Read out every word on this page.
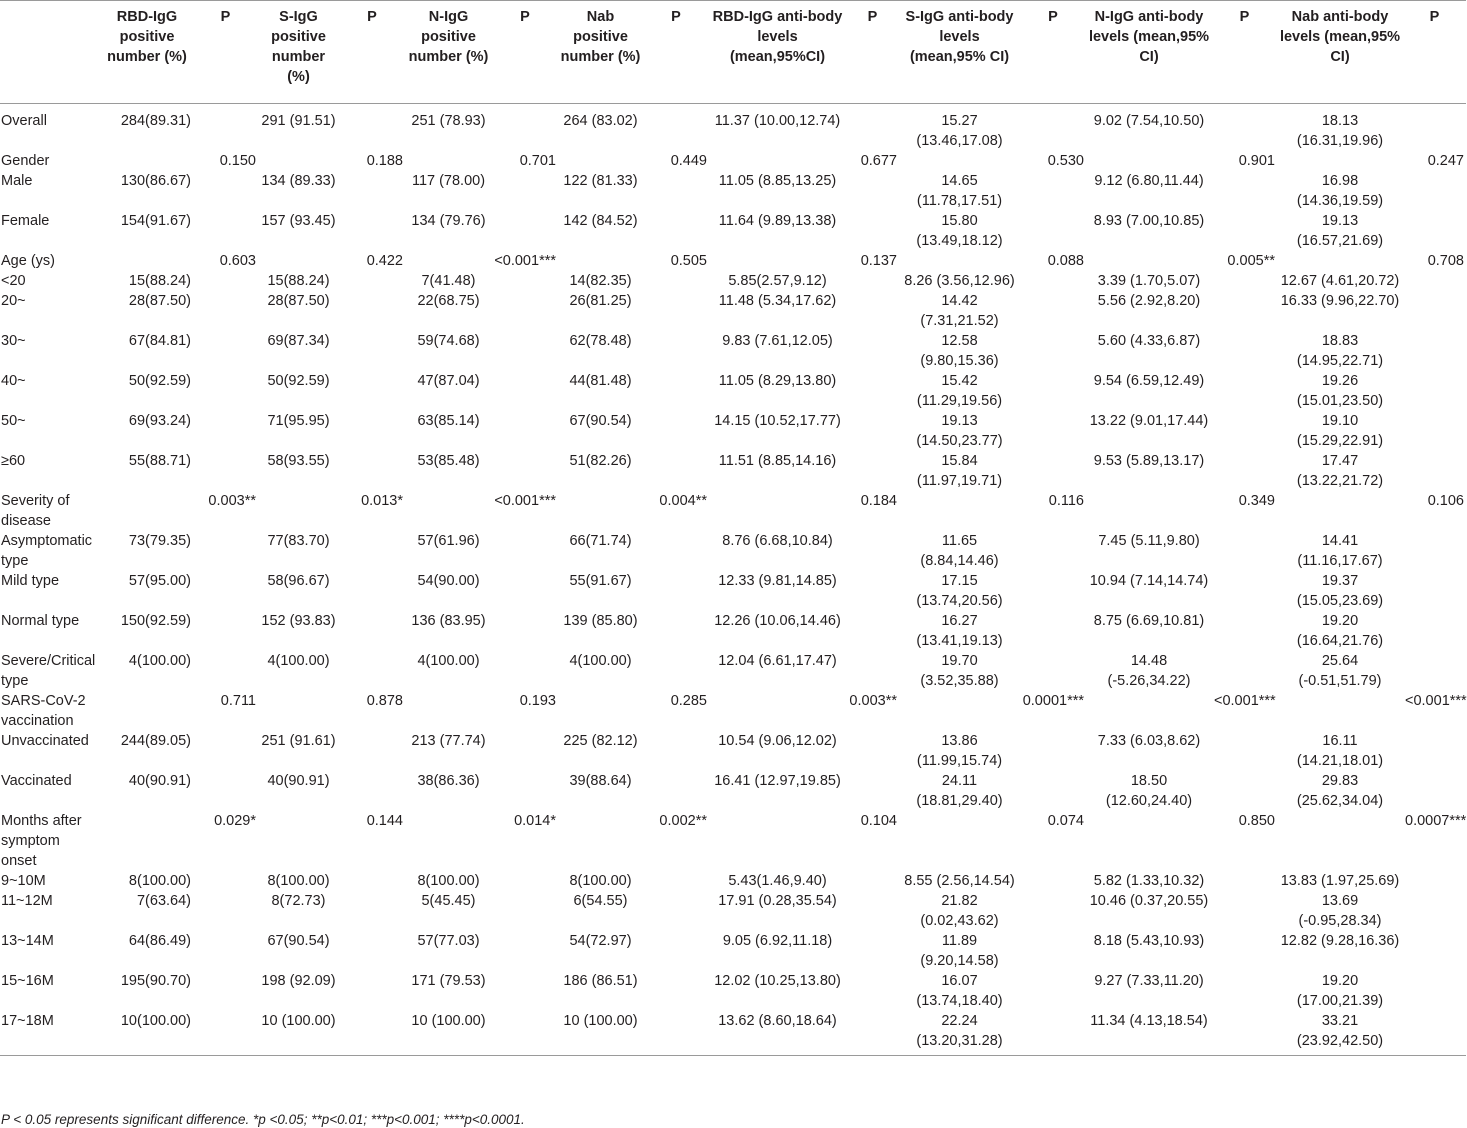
	RBD-IgG positive number (%)	P	S-IgG positive number (%)	P	N-IgG positive number (%)	P	Nab positive number (%)	P	RBD-IgG anti-body levels (mean,95%CI)	P	S-IgG anti-body levels (mean,95% CI)	P	N-IgG anti-body levels (mean,95% CI)	P	Nab anti-body levels (mean,95% CI)	P
Overall	284(89.31)		291 (91.51)		251 (78.93)		264 (83.02)		11.37 (10.00,12.74)		15.27 (13.46,17.08)		9.02 (7.54,10.50)		18.13 (16.31,19.96)	
Gender		0.150		0.188		0.701		0.449		0.677		0.530		0.901		0.247
Male	130(86.67)		134 (89.33)		117 (78.00)		122 (81.33)		11.05 (8.85,13.25)		14.65 (11.78,17.51)		9.12 (6.80,11.44)		16.98 (14.36,19.59)	
Female	154(91.67)		157 (93.45)		134 (79.76)		142 (84.52)		11.64 (9.89,13.38)		15.80 (13.49,18.12)		8.93 (7.00,10.85)		19.13 (16.57,21.69)	
Age (ys)		0.603		0.422		<0.001***		0.505		0.137		0.088		0.005**		0.708
<20	15(88.24)		15(88.24)		7(41.48)		14(82.35)		5.85(2.57,9.12)		8.26 (3.56,12.96)		3.39 (1.70,5.07)		12.67 (4.61,20.72)	
20~	28(87.50)		28(87.50)		22(68.75)		26(81.25)		11.48 (5.34,17.62)		14.42 (7.31,21.52)		5.56 (2.92,8.20)		16.33 (9.96,22.70)	
30~	67(84.81)		69(87.34)		59(74.68)		62(78.48)		9.83 (7.61,12.05)		12.58 (9.80,15.36)		5.60 (4.33,6.87)		18.83 (14.95,22.71)	
40~	50(92.59)		50(92.59)		47(87.04)		44(81.48)		11.05 (8.29,13.80)		15.42 (11.29,19.56)		9.54 (6.59,12.49)		19.26 (15.01,23.50)	
50~	69(93.24)		71(95.95)		63(85.14)		67(90.54)		14.15 (10.52,17.77)		19.13 (14.50,23.77)		13.22 (9.01,17.44)		19.10 (15.29,22.91)	
≥60	55(88.71)		58(93.55)		53(85.48)		51(82.26)		11.51 (8.85,14.16)		15.84 (11.97,19.71)		9.53 (5.89,13.17)		17.47 (13.22,21.72)	
Severity of disease		0.003**		0.013*		<0.001***		0.004**		0.184		0.116		0.349		0.106
Asymptomatic type	73(79.35)		77(83.70)		57(61.96)		66(71.74)		8.76 (6.68,10.84)		11.65 (8.84,14.46)		7.45 (5.11,9.80)		14.41 (11.16,17.67)	
Mild type	57(95.00)		58(96.67)		54(90.00)		55(91.67)		12.33 (9.81,14.85)		17.15 (13.74,20.56)		10.94 (7.14,14.74)		19.37 (15.05,23.69)	
Normal type	150(92.59)		152 (93.83)		136 (83.95)		139 (85.80)		12.26 (10.06,14.46)		16.27 (13.41,19.13)		8.75 (6.69,10.81)		19.20 (16.64,21.76)	
Severe/Critical type	4(100.00)		4(100.00)		4(100.00)		4(100.00)		12.04 (6.61,17.47)		19.70 (3.52,35.88)		14.48 (-5.26,34.22)		25.64 (-0.51,51.79)	
SARS-CoV-2 vaccination		0.711		0.878		0.193		0.285		0.003**		0.0001***		<0.001***		<0.001***
Unvaccinated	244(89.05)		251 (91.61)		213 (77.74)		225 (82.12)		10.54 (9.06,12.02)		13.86 (11.99,15.74)		7.33 (6.03,8.62)		16.11 (14.21,18.01)	
Vaccinated	40(90.91)		40(90.91)		38(86.36)		39(88.64)		16.41 (12.97,19.85)		24.11 (18.81,29.40)		18.50 (12.60,24.40)		29.83 (25.62,34.04)	
Months after symptom onset		0.029*		0.144		0.014*		0.002**		0.104		0.074		0.850		0.0007***
9~10M	8(100.00)		8(100.00)		8(100.00)		8(100.00)		5.43(1.46,9.40)		8.55 (2.56,14.54)		5.82 (1.33,10.32)		13.83 (1.97,25.69)	
11~12M	7(63.64)		8(72.73)		5(45.45)		6(54.55)		17.91 (0.28,35.54)		21.82 (0.02,43.62)		10.46 (0.37,20.55)		13.69 (-0.95,28.34)	
13~14M	64(86.49)		67(90.54)		57(77.03)		54(72.97)		9.05 (6.92,11.18)		11.89 (9.20,14.58)		8.18 (5.43,10.93)		12.82 (9.28,16.36)	
15~16M	195(90.70)		198 (92.09)		171 (79.53)		186 (86.51)		12.02 (10.25,13.80)		16.07 (13.74,18.40)		9.27 (7.33,11.20)		19.20 (17.00,21.39)	
17~18M	10(100.00)		10 (100.00)		10 (100.00)		10 (100.00)		13.62 (8.60,18.64)		22.24 (13.20,31.28)		11.34 (4.13,18.54)		33.21 (23.92,42.50)	
P < 0.05 represents significant difference. *p <0.05; **p<0.01; ***p<0.001; ****p<0.0001.
